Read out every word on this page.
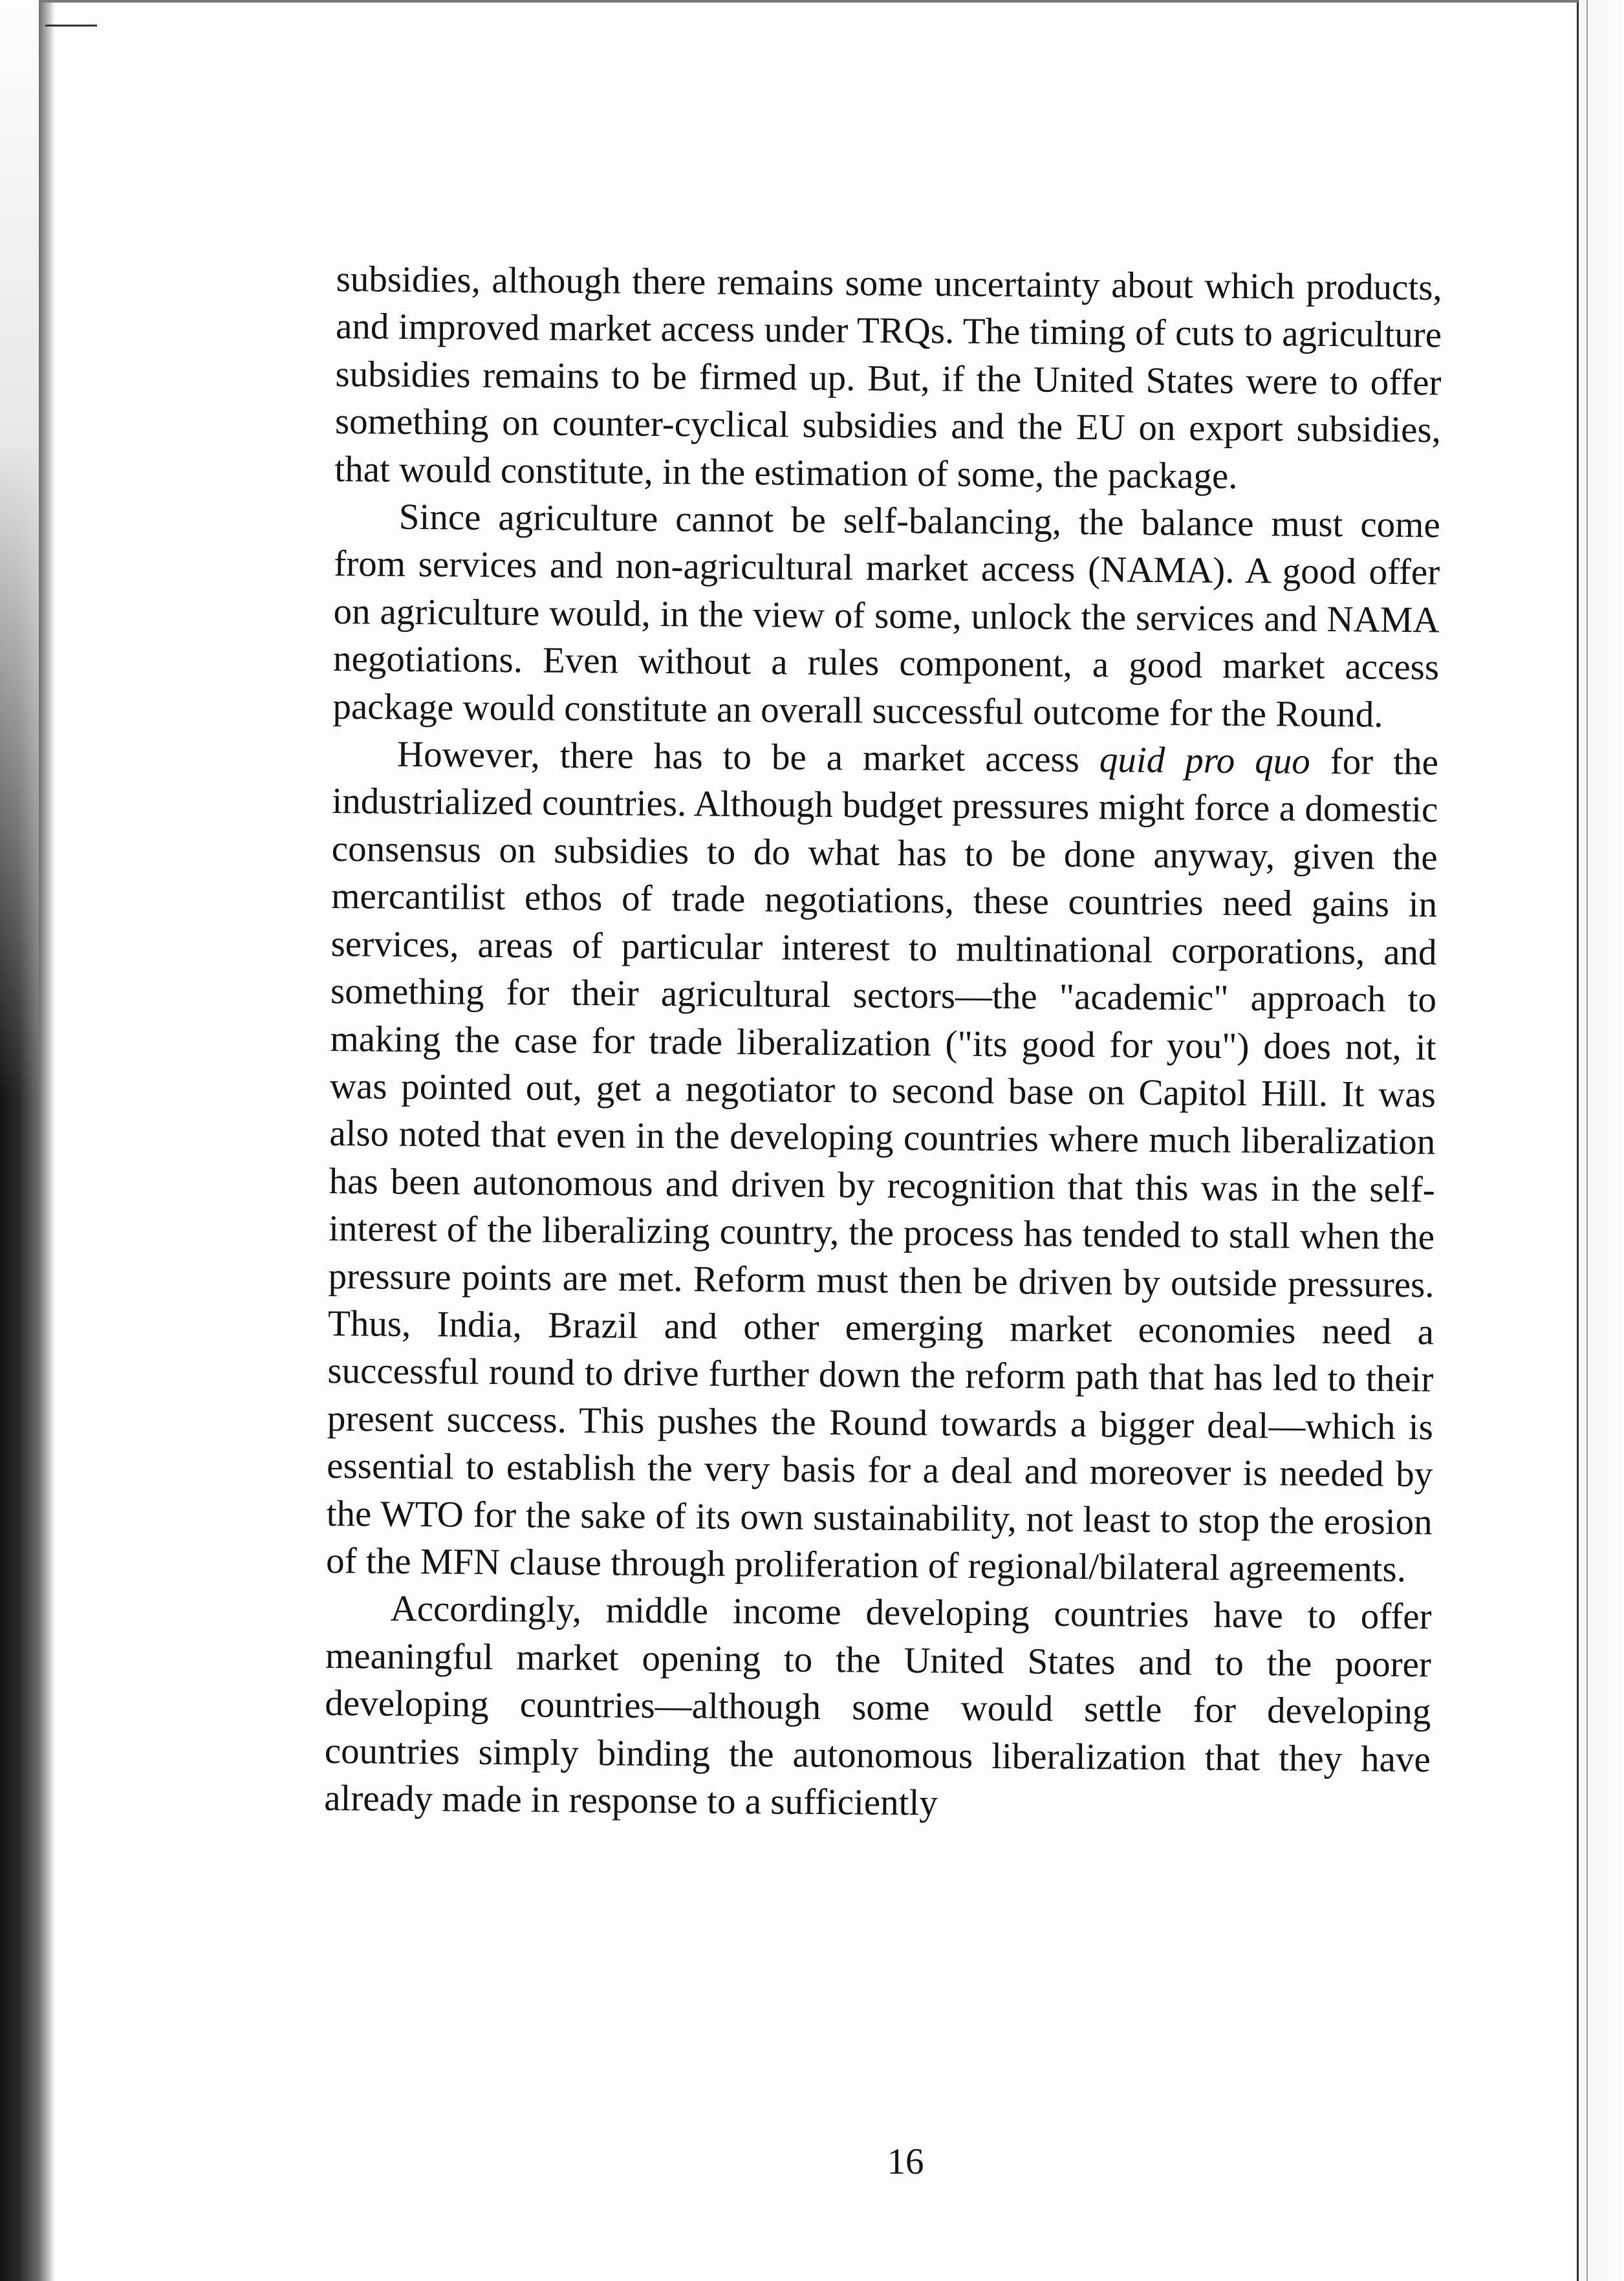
subsidies, although there remains some uncertainty about which products, and improved market access under TRQs. The timing of cuts to agriculture subsidies remains to be firmed up. But, if the United States were to offer something on counter-cyclical subsidies and the EU on export subsidies, that would constitute, in the estimation of some, the package.

Since agriculture cannot be self-balancing, the balance must come from services and non-agricultural market access (NAMA). A good offer on agriculture would, in the view of some, unlock the services and NAMA negotiations. Even without a rules component, a good market access package would constitute an overall successful outcome for the Round.

However, there has to be a market access quid pro quo for the industrialized countries. Although budget pressures might force a domestic consensus on subsidies to do what has to be done anyway, given the mercantilist ethos of trade negotiations, these countries need gains in services, areas of particular interest to multinational corporations, and something for their agricultural sectors—the "academic" approach to making the case for trade liberalization ("its good for you") does not, it was pointed out, get a negotiator to second base on Capitol Hill. It was also noted that even in the developing countries where much liberalization has been autonomous and driven by recognition that this was in the self-interest of the liberalizing country, the process has tended to stall when the pressure points are met. Reform must then be driven by outside pressures. Thus, India, Brazil and other emerging market economies need a successful round to drive further down the reform path that has led to their present success. This pushes the Round towards a bigger deal—which is essential to establish the very basis for a deal and moreover is needed by the WTO for the sake of its own sustainability, not least to stop the erosion of the MFN clause through proliferation of regional/bilateral agreements.

Accordingly, middle income developing countries have to offer meaningful market opening to the United States and to the poorer developing countries—although some would settle for developing countries simply binding the autonomous liberalization that they have already made in response to a sufficiently

16
